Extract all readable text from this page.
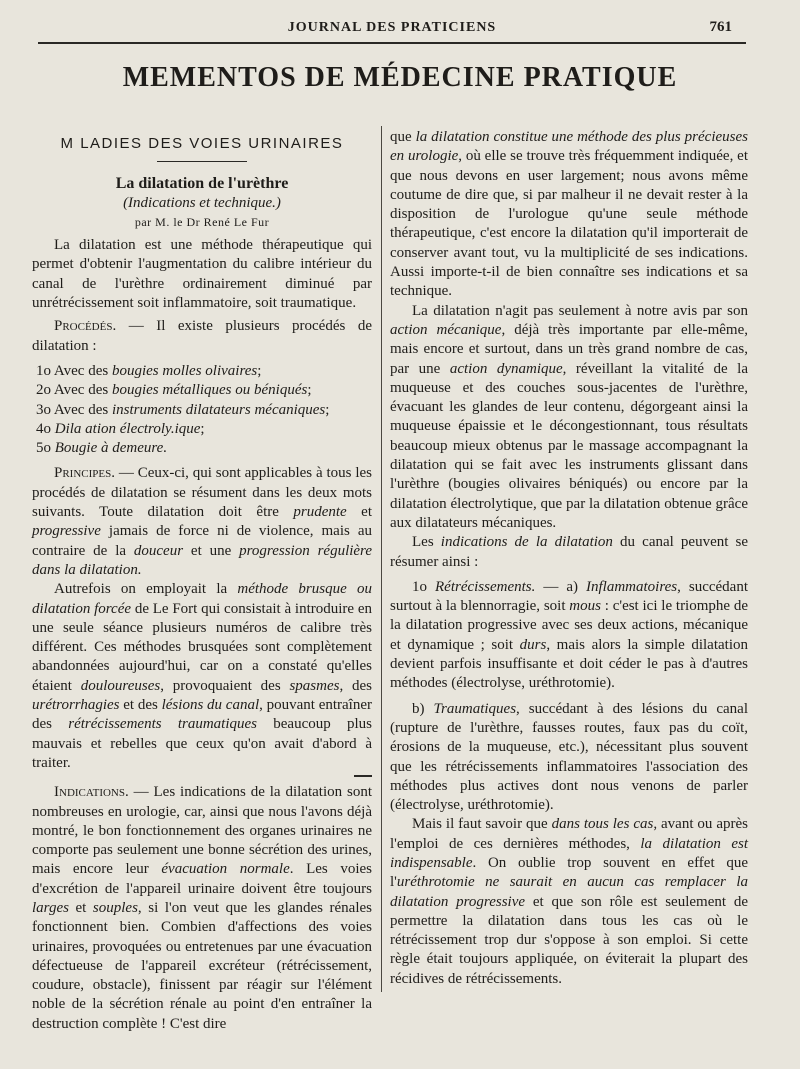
JOURNAL DES PRATICIENS	761
MEMENTOS DE MÉDECINE PRATIQUE
M LADIES DES VOIES URINAIRES
La dilatation de l'urèthre
(Indications et technique.)
par M. le Dr René Le Fur

La dilatation est une méthode thérapeutique qui permet d'obtenir l'augmentation du calibre intérieur du canal de l'urèthre ordinairement diminué par unrétrécissement soit inflammatoire, soit traumatique.

Procédés. — Il existe plusieurs procédés de dilatation :

1o Avec des bougies molles olivaires;
2o Avec des bougies métalliques ou béniqués;
3o Avec des instruments dilatateurs mécaniques;
4o Dila ation électroly.ique;
5o Bougie à demeure.

Principes. — Ceux-ci, qui sont applicables à tous les procédés de dilatation se résument dans les deux mots suivants. Toute dilatation doit être prudente et progressive jamais de force ni de violence, mais au contraire de la douceur et une progression régulière dans la dilatation.

Autrefois on employait la méthode brusque ou dilatation forcée de Le Fort qui consistait à introduire en une seule séance plusieurs numéros de calibre très différent. Ces méthodes brusquées sont complètement abandonnées aujourd'hui, car on a constaté qu'elles étaient douloureuses, provoquaient des spasmes, des urétrorrhagies et des lésions du canal, pouvant entraîner des rétrécissements traumatiques beaucoup plus mauvais et rebelles que ceux qu'on avait d'abord à traiter.

Indications. — Les indications de la dilatation sont nombreuses en urologie, car, ainsi que nous l'avons déjà montré, le bon fonctionnement des organes urinaires ne comporte pas seulement une bonne sécrétion des urines, mais encore leur évacuation normale. Les voies d'excrétion de l'appareil urinaire doivent être toujours larges et souples, si l'on veut que les glandes rénales fonctionnent bien. Combien d'affections des voies urinaires, provoquées ou entretenues par une évacuation défectueuse de l'appareil excréteur (rétrécissement, coudure, obstacle), finissent par réagir sur l'élément noble de la sécrétion rénale au point d'en entraîner la destruction complète ! C'est dire

que la dilatation constitue une méthode des plus précieuses en urologie, où elle se trouve très fréquemment indiquée, et que nous devons en user largement; nous avons même coutume de dire que, si par malheur il ne devait rester à la disposition de l'urologue qu'une seule méthode thérapeutique, c'est encore la dilatation qu'il importerait de conserver avant tout, vu la multiplicité de ses indications. Aussi importe-t-il de bien connaître ses indications et sa technique.

La dilatation n'agit pas seulement à notre avis par son action mécanique, déjà très importante par elle-même, mais encore et surtout, dans un très grand nombre de cas, par une action dynamique, réveillant la vitalité de la muqueuse et des couches sous-jacentes de l'urèthre, évacuant les glandes de leur contenu, dégorgeant ainsi la muqueuse épaissie et le décongestionnant, tous résultats beaucoup mieux obtenus par le massage accompagnant la dilatation qui se fait avec les instruments glissant dans l'urèthre (bougies olivaires béniqués) ou encore par la dilatation électrolytique, que par la dilatation obtenue grâce aux dilatateurs mécaniques.

Les indications de la dilatation du canal peuvent se résumer ainsi :

1o Rétrécissements. — a) Inflammatoires, succédant surtout à la blennorragie, soit mous : c'est ici le triomphe de la dilatation progressive avec ses deux actions, mécanique et dynamique ; soit durs, mais alors la simple dilatation devient parfois insuffisante et doit céder le pas à d'autres méthodes (électrolyse, uréthrotomie).

b) Traumatiques, succédant à des lésions du canal (rupture de l'urèthre, fausses routes, faux pas du coït, érosions de la muqueuse, etc.), nécessitant plus souvent que les rétrécissements inflammatoires l'association des méthodes plus actives dont nous venons de parler (électrolyse, uréthrotomie).

Mais il faut savoir que dans tous les cas, avant ou après l'emploi de ces dernières méthodes, la dilatation est indispensable. On oublie trop souvent en effet que l'uréthrotomie ne saurait en aucun cas remplacer la dilatation progressive et que son rôle est seulement de permettre la dilatation dans tous les cas où le rétrécissement trop dur s'oppose à son emploi. Si cette règle était toujours appliquée, on éviterait la plupart des récidives de rétrécissements.
